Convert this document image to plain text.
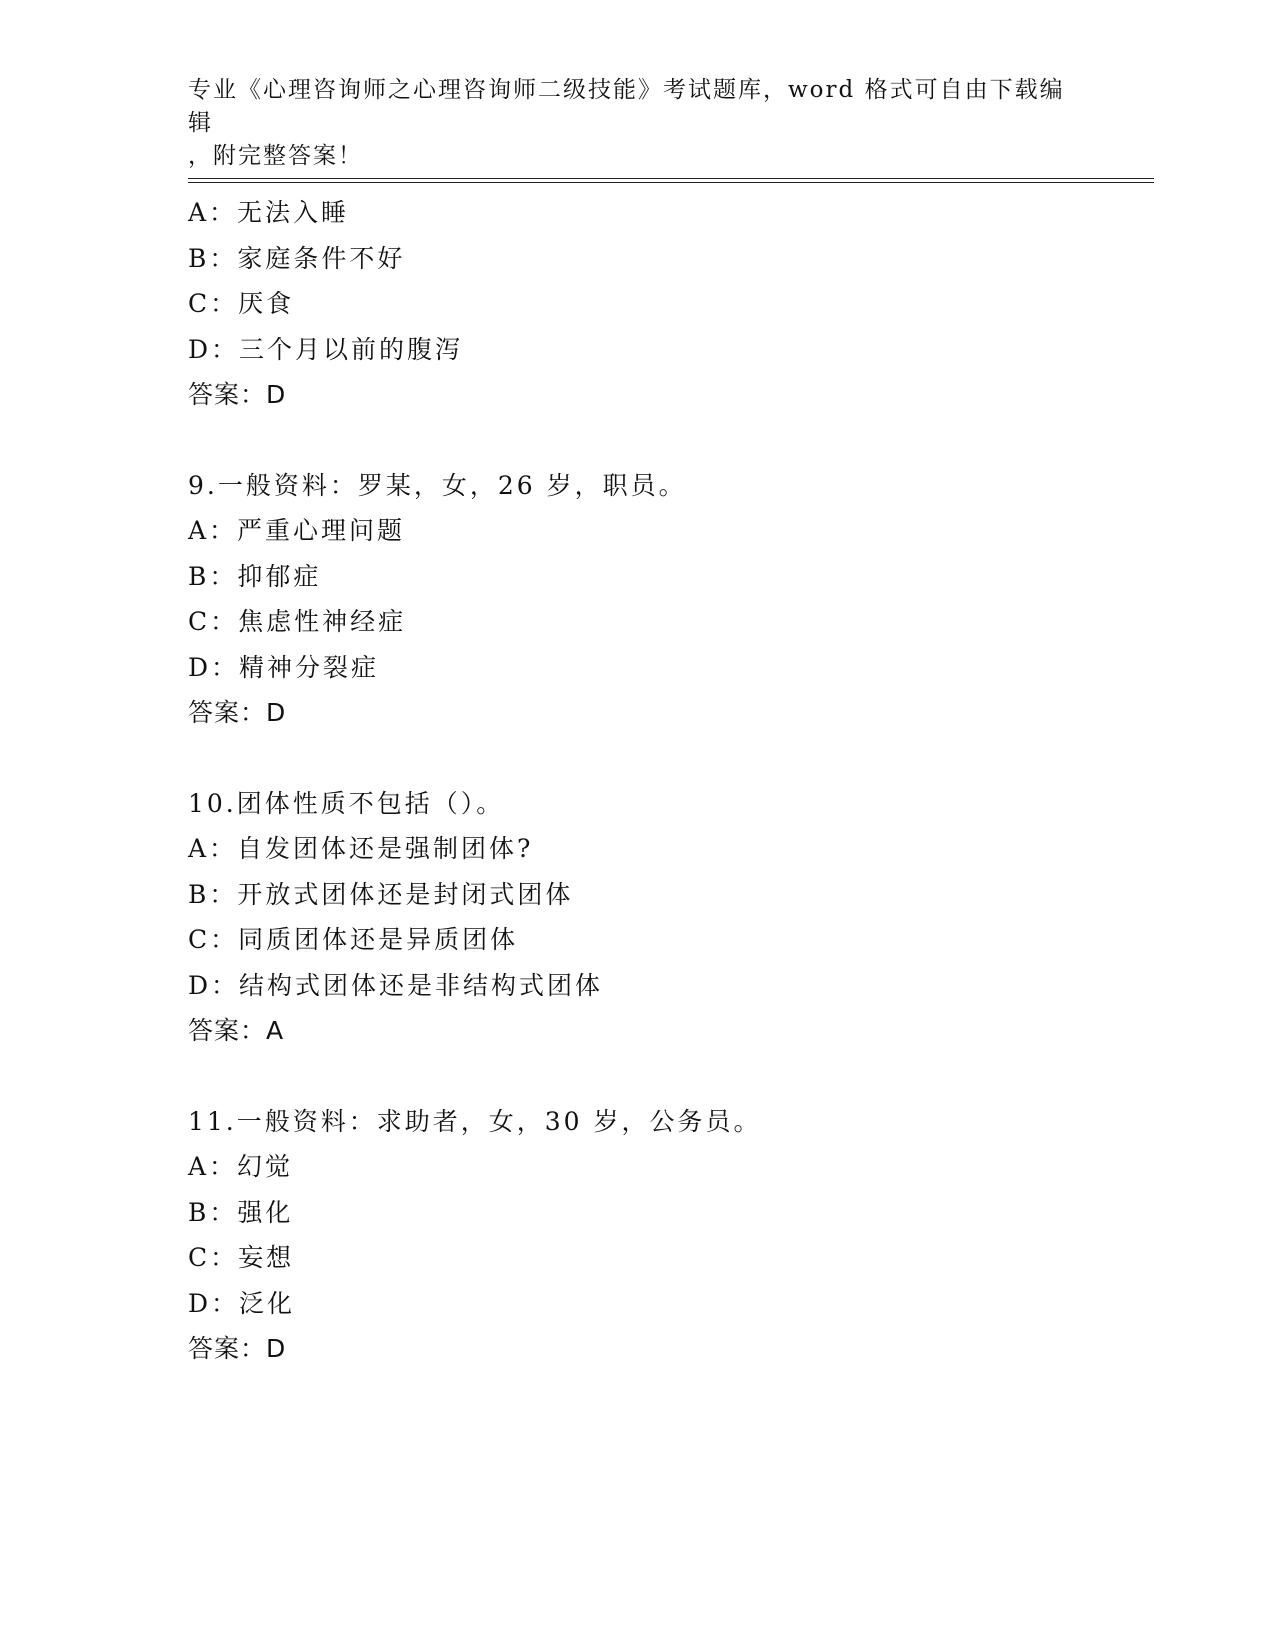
专业《心理咨询师之心理咨询师二级技能》考试题库，word 格式可自由下载编辑
，附完整答案！
A：无法入睡
B：家庭条件不好
C：厌食
D：三个月以前的腹泻
答案：D
9.一般资料：罗某，女，26 岁，职员。
A：严重心理问题
B：抑郁症
C：焦虑性神经症
D：精神分裂症
答案：D
10.团体性质不包括（）。
A：自发团体还是强制团体?
B：开放式团体还是封闭式团体
C：同质团体还是异质团体
D：结构式团体还是非结构式团体
答案：A
11.一般资料：求助者，女，30 岁，公务员。
A：幻觉
B：强化
C：妄想
D：泛化
答案：D
